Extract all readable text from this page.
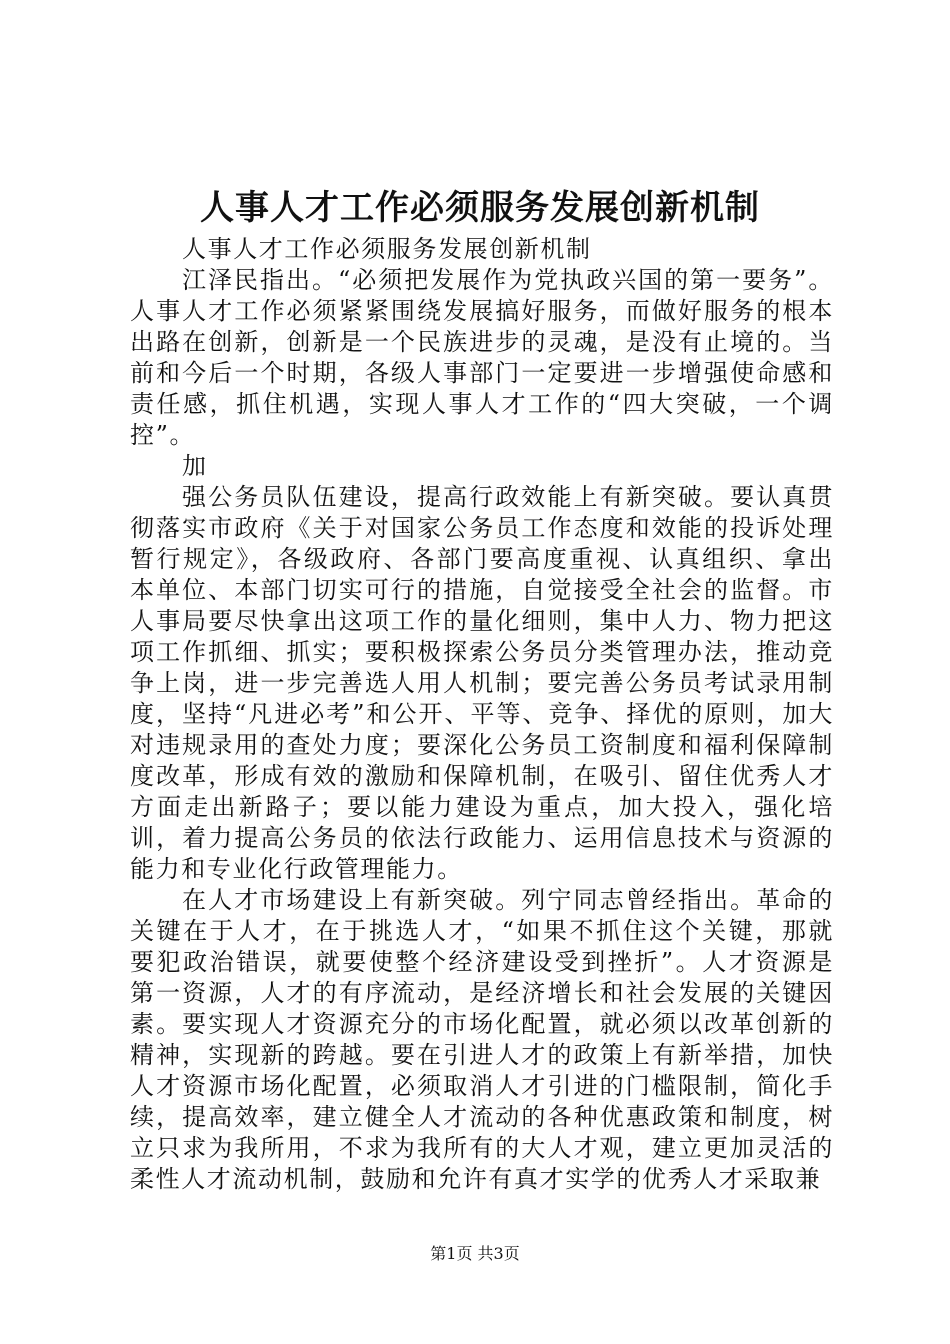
人事人才工作必须服务发展创新机制

人事人才工作必须服务发展创新机制

江泽民指出。“必须把发展作为党执政兴国的第一要务”。人事人才工作必须紧紧围绕发展搞好服务，而做好服务的根本出路在创新，创新是一个民族进步的灵魂，是没有止境的。当前和今后一个时期，各级人事部门一定要进一步增强使命感和责任感，抓住机遇，实现人事人才工作的“四大突破，一个调控”。

加

强公务员队伍建设，提高行政效能上有新突破。要认真贯彻落实市政府《关于对国家公务员工作态度和效能的投诉处理暂行规定》，各级政府、各部门要高度重视、认真组织、拿出本单位、本部门切实可行的措施，自觉接受全社会的监督。市人事局要尽快拿出这项工作的量化细则，集中人力、物力把这项工作抓细、抓实；要积极探索公务员分类管理办法，推动竞争上岗，进一步完善选人用人机制；要完善公务员考试录用制度，坚持“凡进必考”和公开、平等、竞争、择优的原则，加大对违规录用的查处力度；要深化公务员工资制度和福利保障制度改革，形成有效的激励和保障机制，在吸引、留住优秀人才方面走出新路子；要以能力建设为重点，加大投入，强化培训，着力提高公务员的依法行政能力、运用信息技术与资源的能力和专业化行政管理能力。

在人才市场建设上有新突破。列宁同志曾经指出。革命的关键在于人才，在于挑选人才，“如果不抓住这个关键，那就要犯政治错误，就要使整个经济建设受到挫折”。人才资源是第一资源，人才的有序流动，是经济增长和社会发展的关键因素。要实现人才资源充分的市场化配置，就必须以改革创新的精神，实现新的跨越。要在引进人才的政策上有新举措，加快人才资源市场化配置，必须取消人才引进的门槛限制，简化手续，提高效率，建立健全人才流动的各种优惠政策和制度，树立只求为我所用，不求为我所有的大人才观，建立更加灵活的柔性人才流动机制，鼓励和允许有真才实学的优秀人才采取兼

第1页 共3页
